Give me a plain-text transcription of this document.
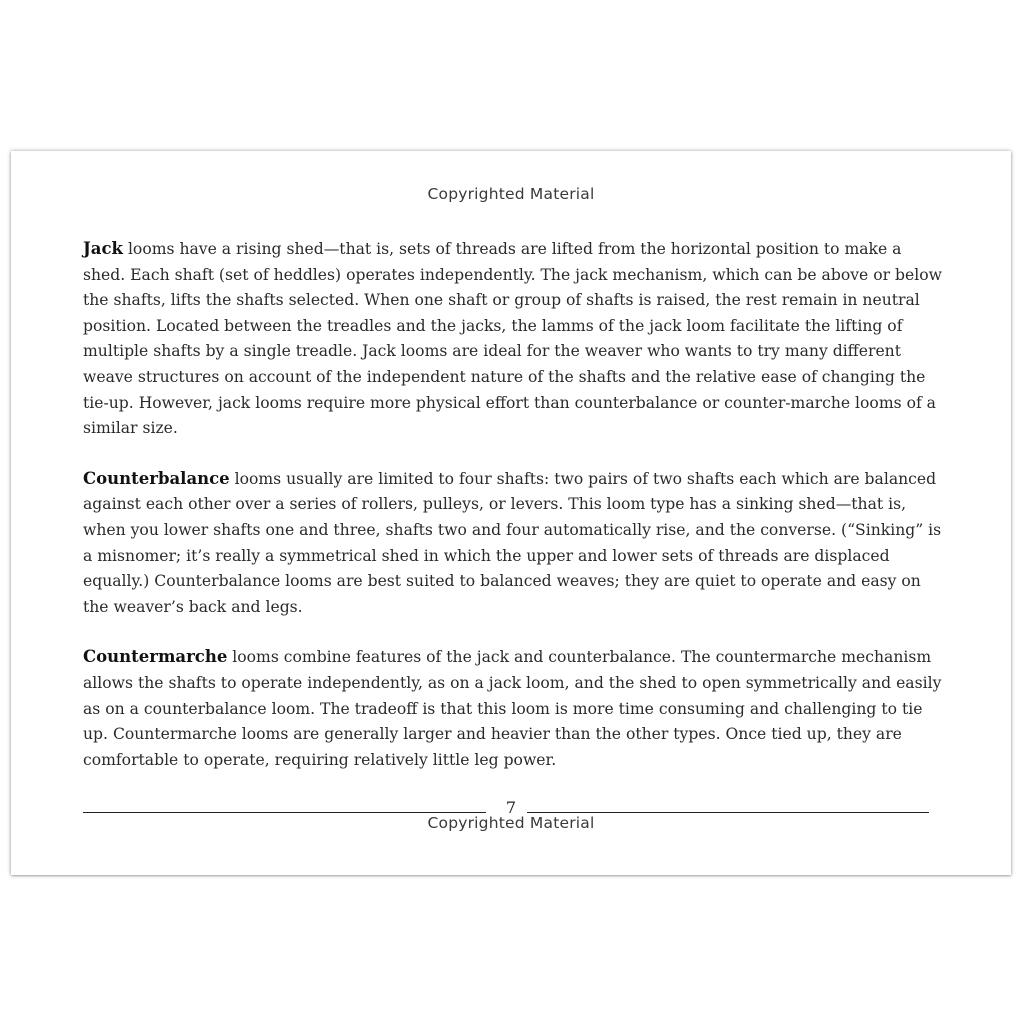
Copyrighted Material

Jack looms have a rising shed—that is, sets of threads are lifted from the horizontal position to make a shed. Each shaft (set of heddles) operates independently. The jack mechanism, which can be above or below the shafts, lifts the shafts selected. When one shaft or group of shafts is raised, the rest remain in neutral position. Located between the treadles and the jacks, the lamms of the jack loom facilitate the lifting of multiple shafts by a single treadle. Jack looms are ideal for the weaver who wants to try many different weave structures on account of the independent nature of the shafts and the relative ease of changing the tie-up. However, jack looms require more physical effort than counterbalance or counter-marche looms of a similar size.

Counterbalance looms usually are limited to four shafts: two pairs of two shafts each which are balanced against each other over a series of rollers, pulleys, or levers. This loom type has a sinking shed—that is, when you lower shafts one and three, shafts two and four automatically rise, and the converse. (“Sinking” is a misnomer; it’s really a symmetrical shed in which the upper and lower sets of threads are displaced equally.) Counterbalance looms are best suited to balanced weaves; they are quiet to operate and easy on the weaver’s back and legs.

Countermarche looms combine features of the jack and counterbalance. The countermarche mechanism allows the shafts to operate independently, as on a jack loom, and the shed to open symmetrically and easily as on a counterbalance loom. The tradeoff is that this loom is more time consuming and challenging to tie up. Countermarche looms are generally larger and heavier than the other types. Once tied up, they are comfortable to operate, requiring relatively little leg power.

7
Copyrighted Material
